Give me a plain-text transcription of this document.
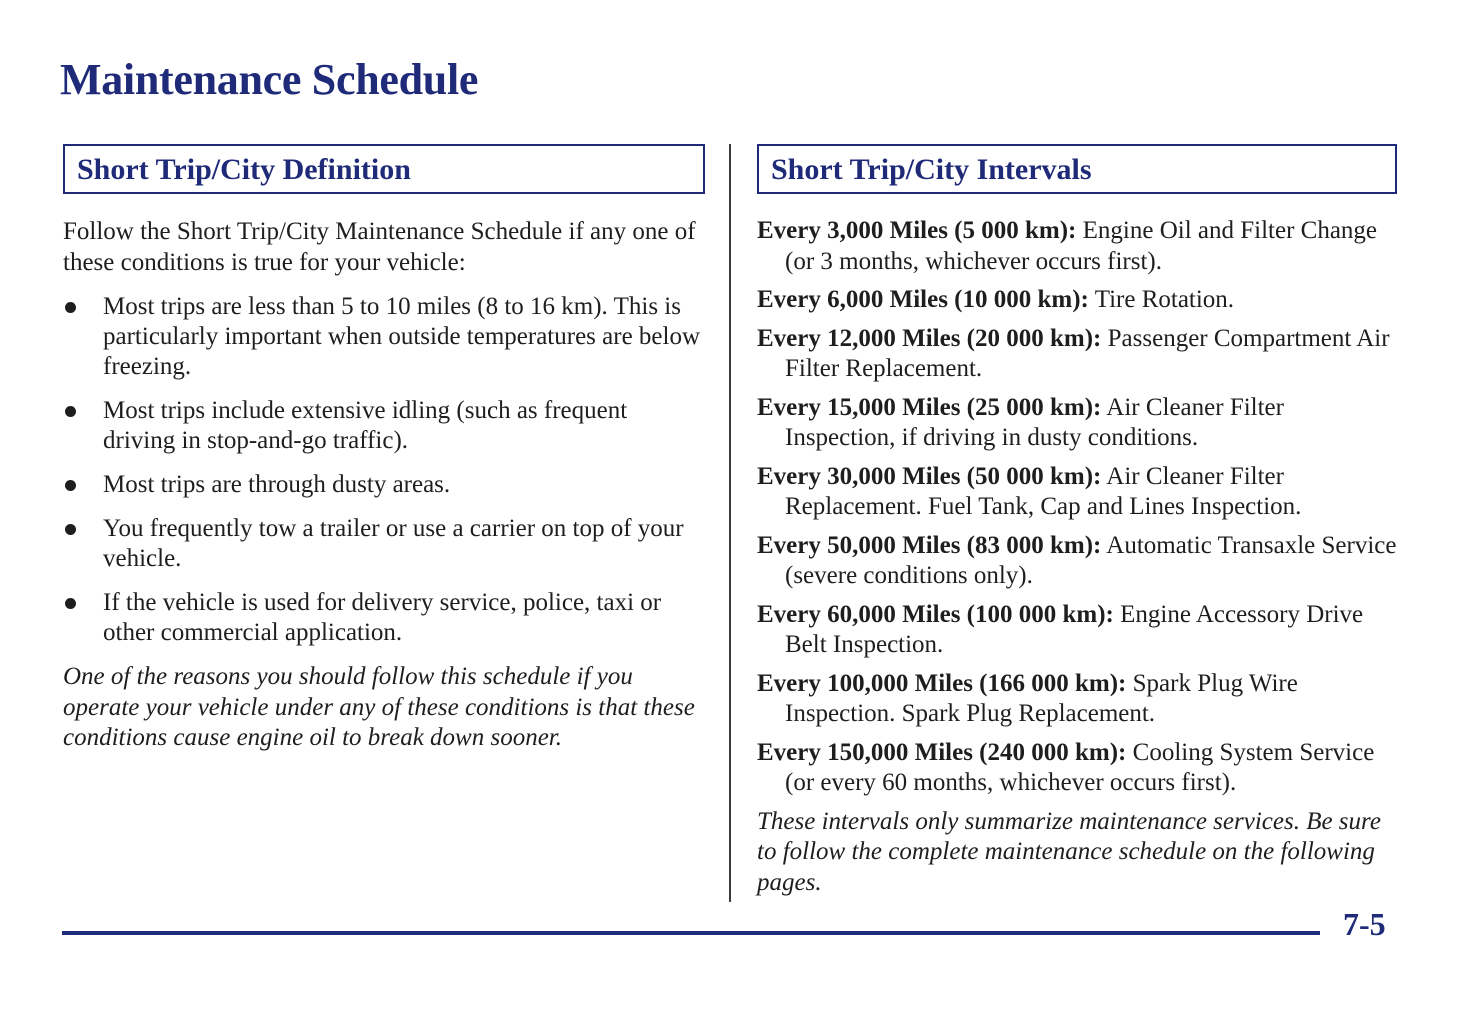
Maintenance Schedule
Short Trip/City Definition

Follow the Short Trip/City Maintenance Schedule if any one of these conditions is true for your vehicle:

Most trips are less than 5 to 10 miles (8 to 16 km). This is particularly important when outside temperatures are below freezing.
Most trips include extensive idling (such as frequent driving in stop-and-go traffic).
Most trips are through dusty areas.
You frequently tow a trailer or use a carrier on top of your vehicle.
If the vehicle is used for delivery service, police, taxi or other commercial application.

One of the reasons you should follow this schedule if you operate your vehicle under any of these conditions is that these conditions cause engine oil to break down sooner.

Short Trip/City Intervals

Every 3,000 Miles (5 000 km): Engine Oil and Filter Change (or 3 months, whichever occurs first).

Every 6,000 Miles (10 000 km): Tire Rotation.

Every 12,000 Miles (20 000 km): Passenger Compartment Air Filter Replacement.

Every 15,000 Miles (25 000 km): Air Cleaner Filter Inspection, if driving in dusty conditions.

Every 30,000 Miles (50 000 km): Air Cleaner Filter Replacement. Fuel Tank, Cap and Lines Inspection.

Every 50,000 Miles (83 000 km): Automatic Transaxle Service (severe conditions only).

Every 60,000 Miles (100 000 km): Engine Accessory Drive Belt Inspection.

Every 100,000 Miles (166 000 km): Spark Plug Wire Inspection. Spark Plug Replacement.

Every 150,000 Miles (240 000 km): Cooling System Service (or every 60 months, whichever occurs first).

These intervals only summarize maintenance services. Be sure to follow the complete maintenance schedule on the following pages.

7-5
